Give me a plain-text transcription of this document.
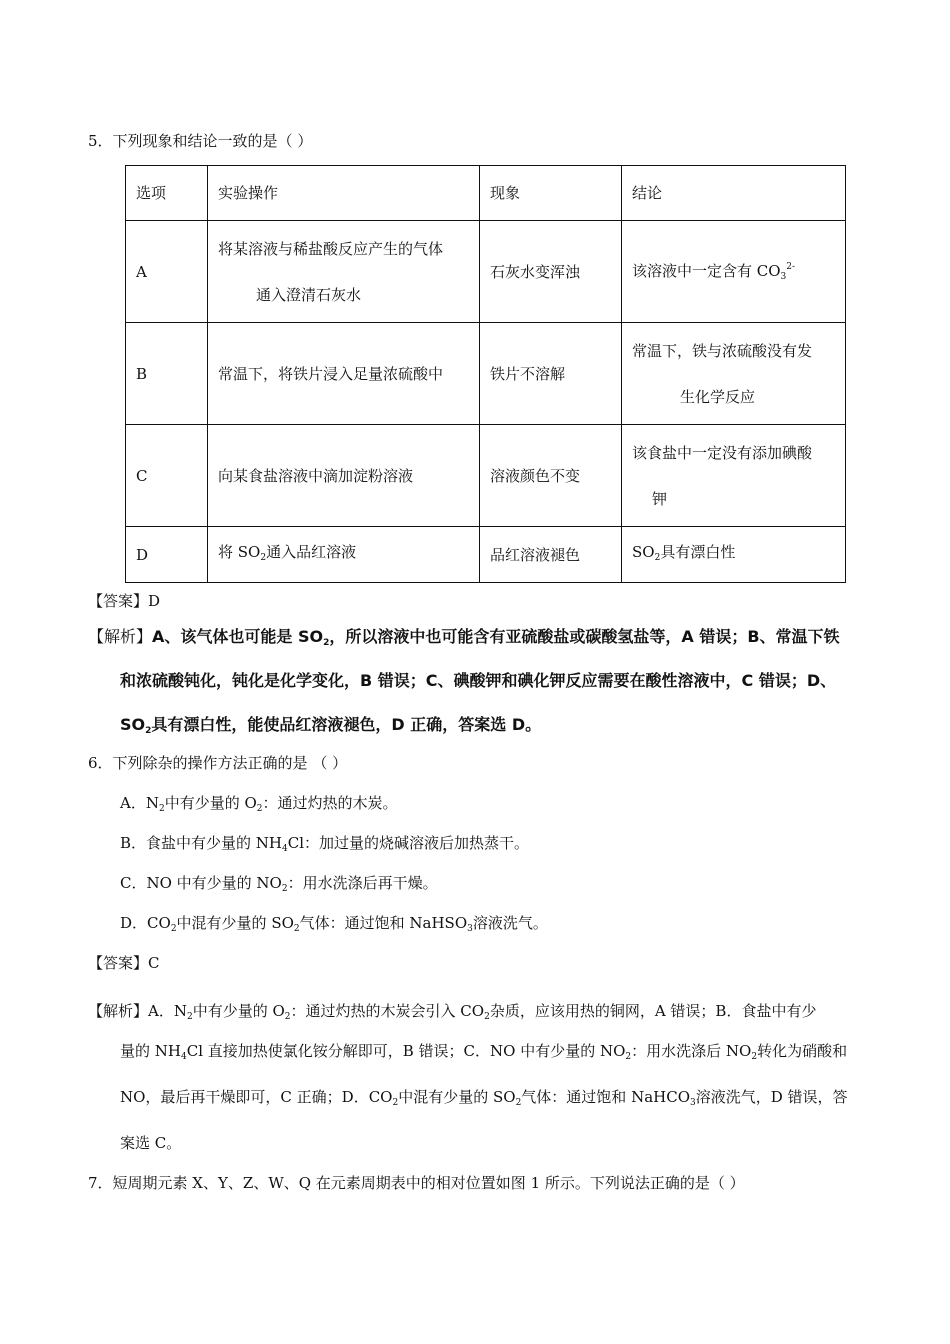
5．下列现象和结论一致的是（ ）
选项	实验操作	现象	结论
A	将某溶液与稀盐酸反应产生的气体
通入澄清石灰水	石灰水变浑浊	该溶液中一定含有 $CO_3^{2-}$
B	常温下，将铁片浸入足量浓硫酸中	铁片不溶解	常温下，铁与浓硫酸没有发
生化学反应

C	向某食盐溶液中滴加淀粉溶液	溶液颜色不变	该食盐中一定没有添加碘酸
钾

D	将 $SO_2$通入品红溶液	品红溶液褪色	$SO_2$具有漂白性
【答案】D
【解析】A、该气体也可能是 $SO_2$，所以溶液中也可能含有亚硫酸盐或碳酸氢盐等，A 错误；B、常温下铁
和浓硫酸钝化，钝化是化学变化，B 错误；C、碘酸钾和碘化钾反应需要在酸性溶液中，C 错误；D、
$SO_2$具有漂白性，能使品红溶液褪色，D 正确，答案选 D。
6．下列除杂的操作方法正确的是 （ ）
A．$N_2$中有少量的 $O_2$：通过灼热的木炭。
B．食盐中有少量的 $NH_4Cl$：加过量的烧碱溶液后加热蒸干。
C．NO 中有少量的 $NO_2$：用水洗涤后再干燥。
D．$CO_2$中混有少量的 $SO_2$气体：通过饱和 NaHSO$_3$溶液洗气。
【答案】C
【解析】A．$N_2$中有少量的 $O_2$：通过灼热的木炭会引入 $CO_2$杂质，应该用热的铜网，A 错误；B．食盐中有少
量的 $NH_4Cl$ 直接加热使氯化铵分解即可，B 错误；C．NO 中有少量的 $NO_2$：用水洗涤后 $NO_2$转化为硝酸和
NO，最后再干燥即可，C 正确；D．$CO_2$中混有少量的 $SO_2$气体：通过饱和 NaHCO$_3$溶液洗气，D 错误，答
案选 C。
7．短周期元素 X、Y、Z、W、Q 在元素周期表中的相对位置如图 1 所示。下列说法正确的是（ ）
